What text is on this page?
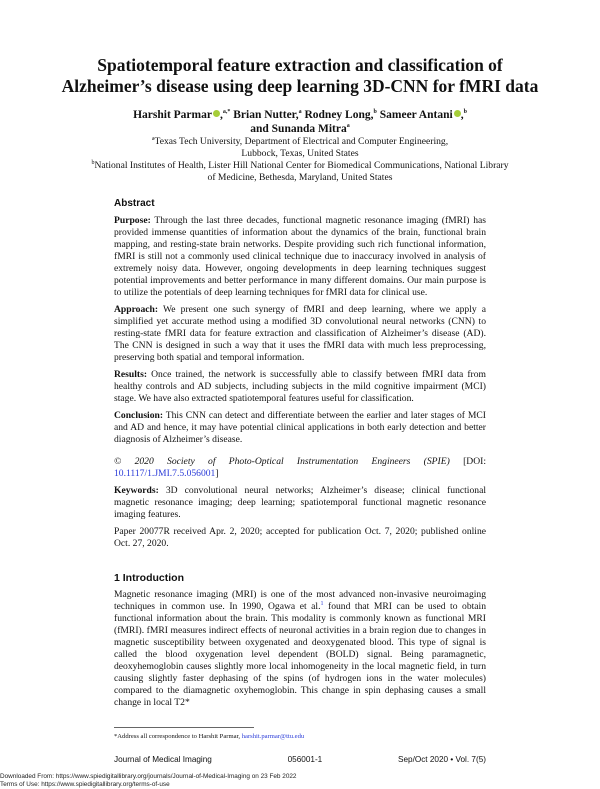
Spatiotemporal feature extraction and classification of Alzheimer’s disease using deep learning 3D-CNN for fMRI data
Harshit Parmar ,$^{a,*}$ Brian Nutter,$^a$ Rodney Long,$^b$ Sameer Antani ,$^b$
and Sunanda Mitra$^a$
$^a$Texas Tech University, Department of Electrical and Computer Engineering, Lubbock, Texas, United States
$^b$National Institutes of Health, Lister Hill National Center for Biomedical Communications, National Library of Medicine, Bethesda, Maryland, United States
Abstract
Purpose: Through the last three decades, functional magnetic resonance imaging (fMRI) has provided immense quantities of information about the dynamics of the brain, functional brain mapping, and resting-state brain networks. Despite providing such rich functional information, fMRI is still not a commonly used clinical technique due to inaccuracy involved in analysis of extremely noisy data. However, ongoing developments in deep learning techniques suggest potential improvements and better performance in many different domains. Our main purpose is to utilize the potentials of deep learning techniques for fMRI data for clinical use.
Approach: We present one such synergy of fMRI and deep learning, where we apply a simplified yet accurate method using a modified 3D convolutional neural networks (CNN) to resting-state fMRI data for feature extraction and classification of Alzheimer’s disease (AD). The CNN is designed in such a way that it uses the fMRI data with much less preprocessing, preserving both spatial and temporal information.
Results: Once trained, the network is successfully able to classify between fMRI data from healthy controls and AD subjects, including subjects in the mild cognitive impairment (MCI) stage. We have also extracted spatiotemporal features useful for classification.
Conclusion: This CNN can detect and differentiate between the earlier and later stages of MCI and AD and hence, it may have potential clinical applications in both early detection and better diagnosis of Alzheimer’s disease.
© 2020 Society of Photo-Optical Instrumentation Engineers (SPIE) [DOI: 10.1117/1.JMI.7.5.056001]
Keywords: 3D convolutional neural networks; Alzheimer’s disease; clinical functional magnetic resonance imaging; deep learning; spatiotemporal functional magnetic resonance imaging features.
Paper 20077R received Apr. 2, 2020; accepted for publication Oct. 7, 2020; published online Oct. 27, 2020.
1 Introduction
Magnetic resonance imaging (MRI) is one of the most advanced non-invasive neuroimaging techniques in common use. In 1990, Ogawa et al.$^1$ found that MRI can be used to obtain functional information about the brain. This modality is commonly known as functional MRI (fMRI). fMRI measures indirect effects of neuronal activities in a brain region due to changes in magnetic susceptibility between oxygenated and deoxygenated blood. This type of signal is called the blood oxygenation level dependent (BOLD) signal. Being paramagnetic, deoxyhemoglobin causes slightly more local inhomogeneity in the local magnetic field, in turn causing slightly faster dephasing of the spins (of hydrogen ions in the water molecules) compared to the diamagnetic oxyhemoglobin. This change in spin dephasing causes a small change in local T2*
*Address all correspondence to Harshit Parmar, harshit.parmar@ttu.edu
Journal of Medical Imaging	056001-1	Sep/Oct 2020 • Vol. 7(5)
Downloaded From: https://www.spiedigitallibrary.org/journals/Journal-of-Medical-Imaging on 23 Feb 2022
Terms of Use: https://www.spiedigitallibrary.org/terms-of-use
